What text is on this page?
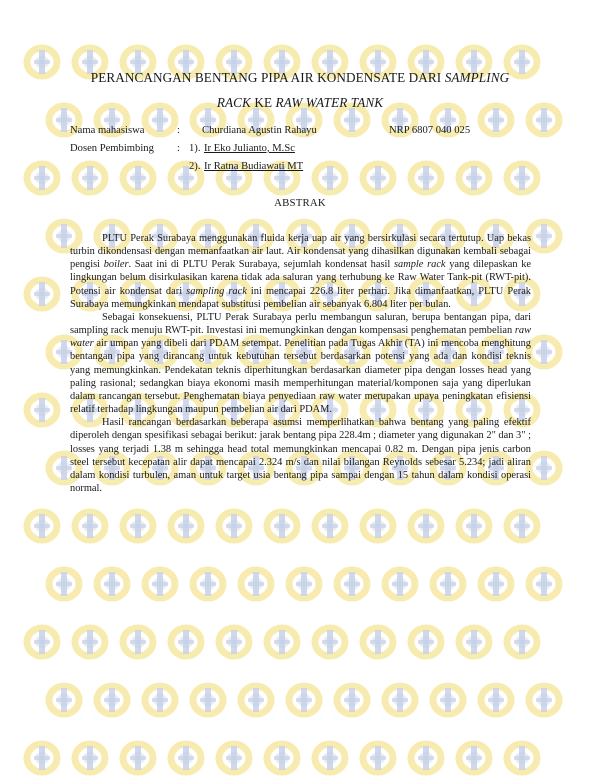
PERANCANGAN BENTANG PIPA AIR KONDENSATE DARI SAMPLING
RACK KE RAW WATER TANK
Nama mahasiswa	: Churdiana Agustin Rahayu	NRP 6807 040 025
Dosen Pembimbing : 1). Ir Eko Julianto, M.Sc
2). Ir Ratna Budiawati MT
ABSTRAK

PLTU Perak Surabaya menggunakan fluida kerja uap air yang bersirkulasi secara tertutup. Uap bekas turbin dikondensasi dengan memanfaatkan air laut. Air kondensat yang dihasilkan digunakan kembali sebagai pengisi boiler. Saat ini di PLTU Perak Surabaya, sejumlah kondensat hasil sample rack yang dilepaskan ke lingkungan belum disirkulasikan karena tidak ada saluran yang terhubung ke Raw Water Tank-pit (RWT-pit). Potensi air kondensat dari sampling rack ini mencapai 226.8 liter perhari. Jika dimanfaatkan, PLTU Perak Surabaya memungkinkan mendapat substitusi pembelian air sebanyak 6.804 liter per bulan.

Sebagai konsekuensi, PLTU Perak Surabaya perlu membangun saluran, berupa bentangan pipa, dari sampling rack menuju RWT-pit. Investasi ini memungkinkan dengan kompensasi penghematan pembelian raw water air umpan yang dibeli dari PDAM setempat. Penelitian pada Tugas Akhir (TA) ini mencoba menghitung bentangan pipa yang dirancang untuk kebutuhan tersebut berdasarkan potensi yang ada dan kondisi teknis yang memungkinkan. Pendekatan teknis diperhitungkan berdasarkan diameter pipa dengan losses head yang paling rasional; sedangkan biaya ekonomi masih memperhitungan material/komponen saja yang diperlukan dalam rancangan tersebut. Penghematan biaya penyediaan raw water merupakan upaya peningkatan efisiensi relatif terhadap lingkungan maupun pembelian air dari PDAM.

Hasil rancangan berdasarkan beberapa asumsi memperlihatkan bahwa bentang yang paling efektif diperoleh dengan spesifikasi sebagai berikut: jarak bentang pipa 228.4m ; diameter yang digunakan 2" dan 3" ; losses yang terjadi 1.38 m sehingga head total memungkinkan mencapai 0.82 m. Dengan pipa jenis carbon steel tersebut kecepatan alir dapat mencapai 2.324 m/s dan nilai bilangan Reynolds sebesar 5.234; jadi aliran dalam kondisi turbulen, aman untuk target usia bentang pipa sampai dengan 15 tahun dalam kondisi operasi normal.
